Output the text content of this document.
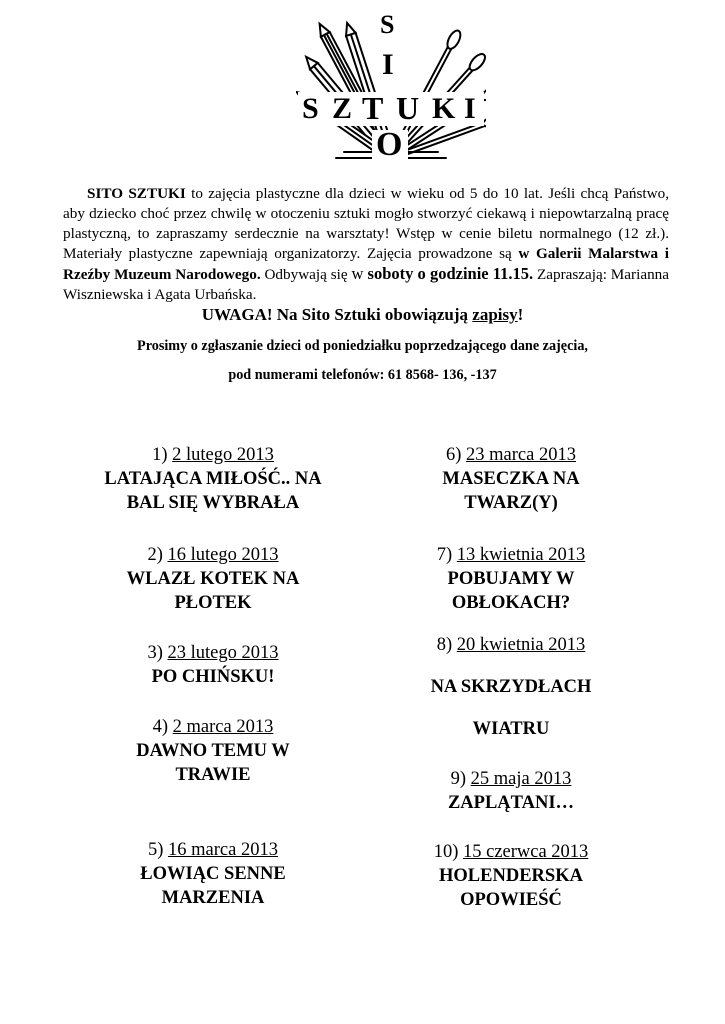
S
I
S Z T U K I
O
SITO SZTUKI to zajęcia plastyczne dla dzieci w wieku od 5 do 10 lat. Jeśli chcą Państwo, aby dziecko choć przez chwilę w otoczeniu sztuki mogło stworzyć ciekawą i niepowtarzalną pracę plastyczną, to zapraszamy serdecznie na warsztaty! Wstęp w cenie biletu normalnego (12 zł.). Materiały plastyczne zapewniają organizatorzy. Zajęcia prowadzone są w Galerii Malarstwa i Rzeźby Muzeum Narodowego. Odbywają się w soboty o godzinie 11.15. Zapraszają: Marianna Wiszniewska i Agata Urbańska.
UWAGA! Na Sito Sztuki obowiązują zapisy!
Prosimy o zgłaszanie dzieci od poniedziałku poprzedzającego dane zajęcia,
pod numerami telefonów: 61 8568- 136, -137
1) 2 lutego 2013
LATAJĄCA MIŁOŚĆ.. NA
BAL SIĘ WYBRAŁA
2) 16 lutego 2013
WLAZŁ KOTEK NA
PŁOTEK
3) 23 lutego 2013
PO CHIŃSKU!
4) 2 marca 2013
DAWNO TEMU W
TRAWIE
5) 16 marca 2013
ŁOWIĄC SENNE
MARZENIA
6) 23 marca 2013
MASECZKA NA
TWARZ(Y)
7) 13 kwietnia 2013
POBUJAMY W
OBŁOKACH?
8) 20 kwietnia 2013
NA SKRZYDŁACH
WIATRU
9) 25 maja 2013
ZAPLĄTANI…
10) 15 czerwca 2013
HOLENDERSKA
OPOWIEŚĆ
